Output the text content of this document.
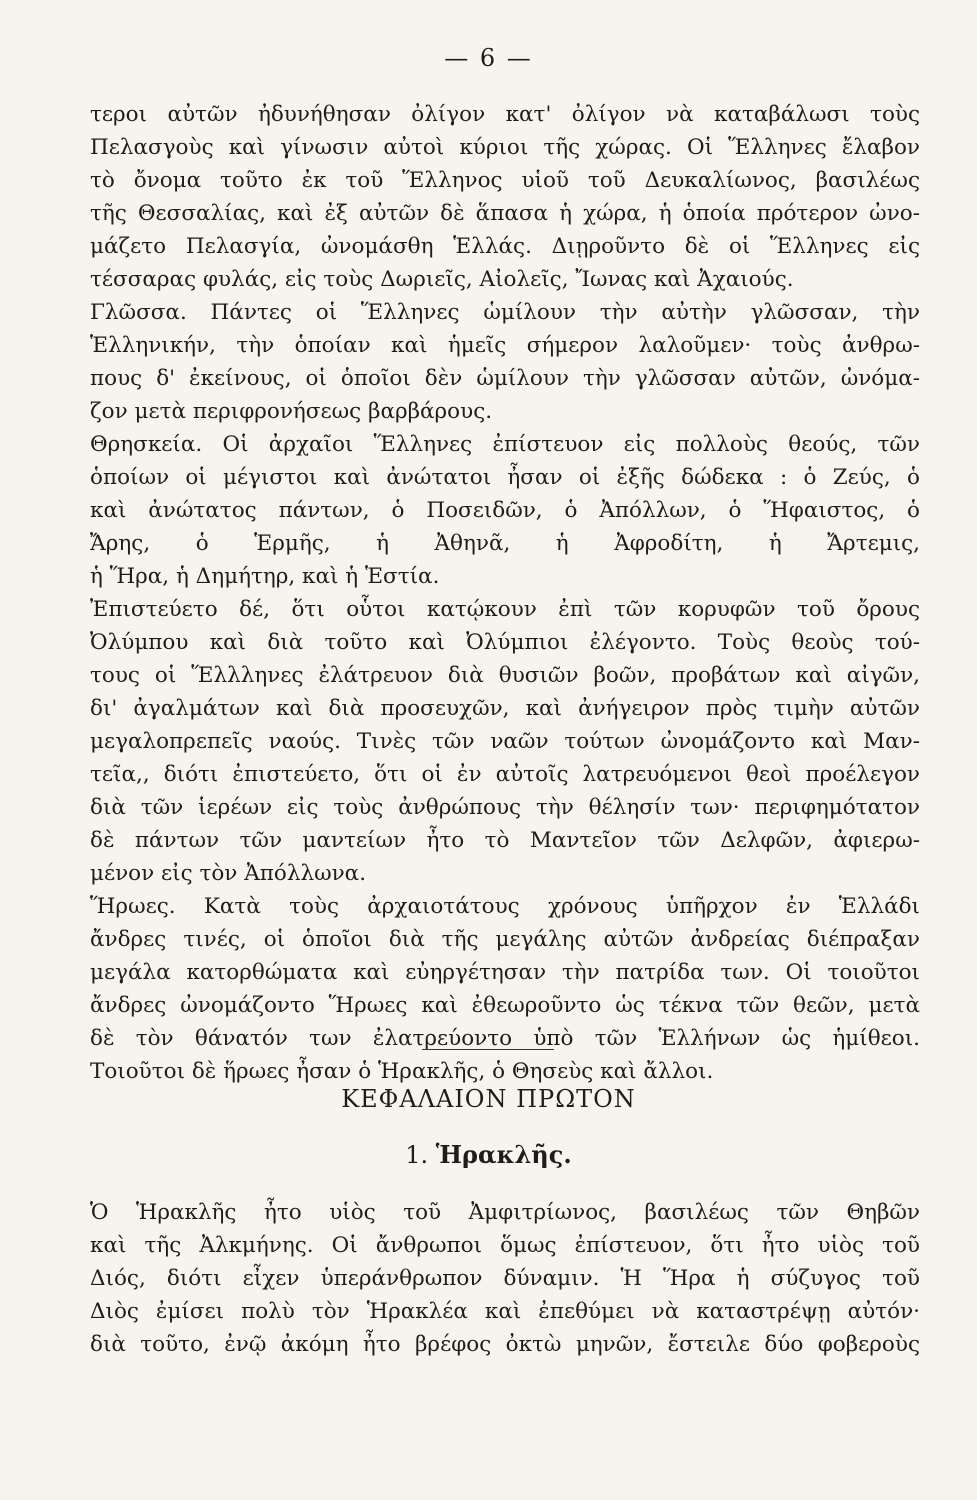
— 6 —
τεροι αὐτῶν ἠδυνήθησαν ὀλίγον κατ' ὀλίγον νὰ καταβάλωσι τοὺς
Πελασγοὺς καὶ γίνωσιν αὐτοὶ κύριοι τῆς χώρας. Οἱ Ἕλληνες ἔλαβον
τὸ ὄνομα τοῦτο ἐκ τοῦ Ἕλληνος υἱοῦ τοῦ Δευκαλίωνος, βασιλέως
τῆς Θεσσαλίας, καὶ ἐξ αὐτῶν δὲ ἅπασα ἡ χώρα, ἡ ὁποία πρότερον ὠνο-
μάζετο Πελασγία, ὠνομάσθη Ἑλλάς. Διῃροῦντο δὲ οἱ Ἕλληνες εἰς
τέσσαρας φυλάς, εἰς τοὺς Δωριεῖς, Αἰολεῖς, Ἴωνας καὶ Ἀχαιούς.
Γλῶσσα. Πάντες οἱ Ἕλληνες ὡμίλουν τὴν αὐτὴν γλῶσσαν, τὴν
Ἑλληνικήν, τὴν ὁποίαν καὶ ἡμεῖς σήμερον λαλοῦμεν· τοὺς ἀνθρω-
πους δ' ἐκείνους, οἱ ὁποῖοι δὲν ὡμίλουν τὴν γλῶσσαν αὐτῶν, ὠνόμα-
ζον μετὰ περιφρονήσεως βαρβάρους.
Θρησκεία. Οἱ ἀρχαῖοι Ἕλληνες ἐπίστευον εἰς πολλοὺς θεούς, τῶν
ὁποίων οἱ μέγιστοι καὶ ἀνώτατοι ἦσαν οἱ ἐξῆς δώδεκα : ὁ Ζεύς, ὁ
καὶ ἀνώτατος πάντων, ὁ Ποσειδῶν, ὁ Ἀπόλλων, ὁ Ἥφαιστος, ὁ
Ἄρης, ὁ Ἑρμῆς, ἡ Ἀθηνᾶ, ἡ Ἀφροδίτη, ἡ Ἄρτεμις,
ἡ Ἥρα, ἡ Δημήτηρ, καὶ ἡ Ἑστία.
Ἐπιστεύετο δέ, ὅτι οὗτοι κατῴκουν ἐπὶ τῶν κορυφῶν τοῦ ὄρους
Ὀλύμπου καὶ διὰ τοῦτο καὶ Ὀλύμπιοι ἐλέγοντο. Τοὺς θεοὺς τού-
τους οἱ Ἕλλληνες ἐλάτρευον διὰ θυσιῶν βοῶν, προβάτων καὶ αἰγῶν,
δι' ἀγαλμάτων καὶ διὰ προσευχῶν, καὶ ἀνήγειρον πρὸς τιμὴν αὐτῶν
μεγαλοπρεπεῖς ναούς. Τινὲς τῶν ναῶν τούτων ὠνομάζοντο καὶ Μαν-
τεῖα,, διότι ἐπιστεύετο, ὅτι οἱ ἐν αὐτοῖς λατρευόμενοι θεοὶ προέλεγον
διὰ τῶν ἱερέων εἰς τοὺς ἀνθρώπους τὴν θέλησίν των· περιφημότατον
δὲ πάντων τῶν μαντείων ἦτο τὸ Μαντεῖον τῶν Δελφῶν, ἀφιερω-
μένον εἰς τὸν Ἀπόλλωνα.
Ἥρωες. Κατὰ τοὺς ἀρχαιοτάτους χρόνους ὑπῆρχον ἐν Ἑλλάδι
ἄνδρες τινές, οἱ ὁποῖοι διὰ τῆς μεγάλης αὐτῶν ἀνδρείας διέπραξαν
μεγάλα κατορθώματα καὶ εὐηργέτησαν τὴν πατρίδα των. Οἱ τοιοῦτοι
ἄνδρες ὠνομάζοντο Ἥρωες καὶ ἐθεωροῦντο ὡς τέκνα τῶν θεῶν, μετὰ
δὲ τὸν θάνατόν των ἐλατρεύοντο ὑπὸ τῶν Ἑλλήνων ὡς ἡμίθεοι.
Τοιοῦτοι δὲ ἥρωες ἦσαν ὁ Ἡρακλῆς, ὁ Θησεὺς καὶ ἄλλοι.
ΚΕΦΑΛΑΙΟΝ ΠΡΩΤΟΝ
1. Ἡρακλῆς.
Ὁ Ἡρακλῆς ἦτο υἱὸς τοῦ Ἀμφιτρίωνος, βασιλέως τῶν Θηβῶν
καὶ τῆς Ἀλκμήνης. Οἱ ἄνθρωποι ὅμως ἐπίστευον, ὅτι ἦτο υἱὸς τοῦ
Διός, διότι εἶχεν ὑπεράνθρωπον δύναμιν. Ἡ Ἥρα ἡ σύζυγος τοῦ
Διὸς ἐμίσει πολὺ τὸν Ἡρακλέα καὶ ἐπεθύμει νὰ καταστρέψῃ αὐτόν·
διὰ τοῦτο, ἐνῷ ἀκόμη ἦτο βρέφος ὀκτὼ μηνῶν, ἔστειλε δύο φοβεροὺς
